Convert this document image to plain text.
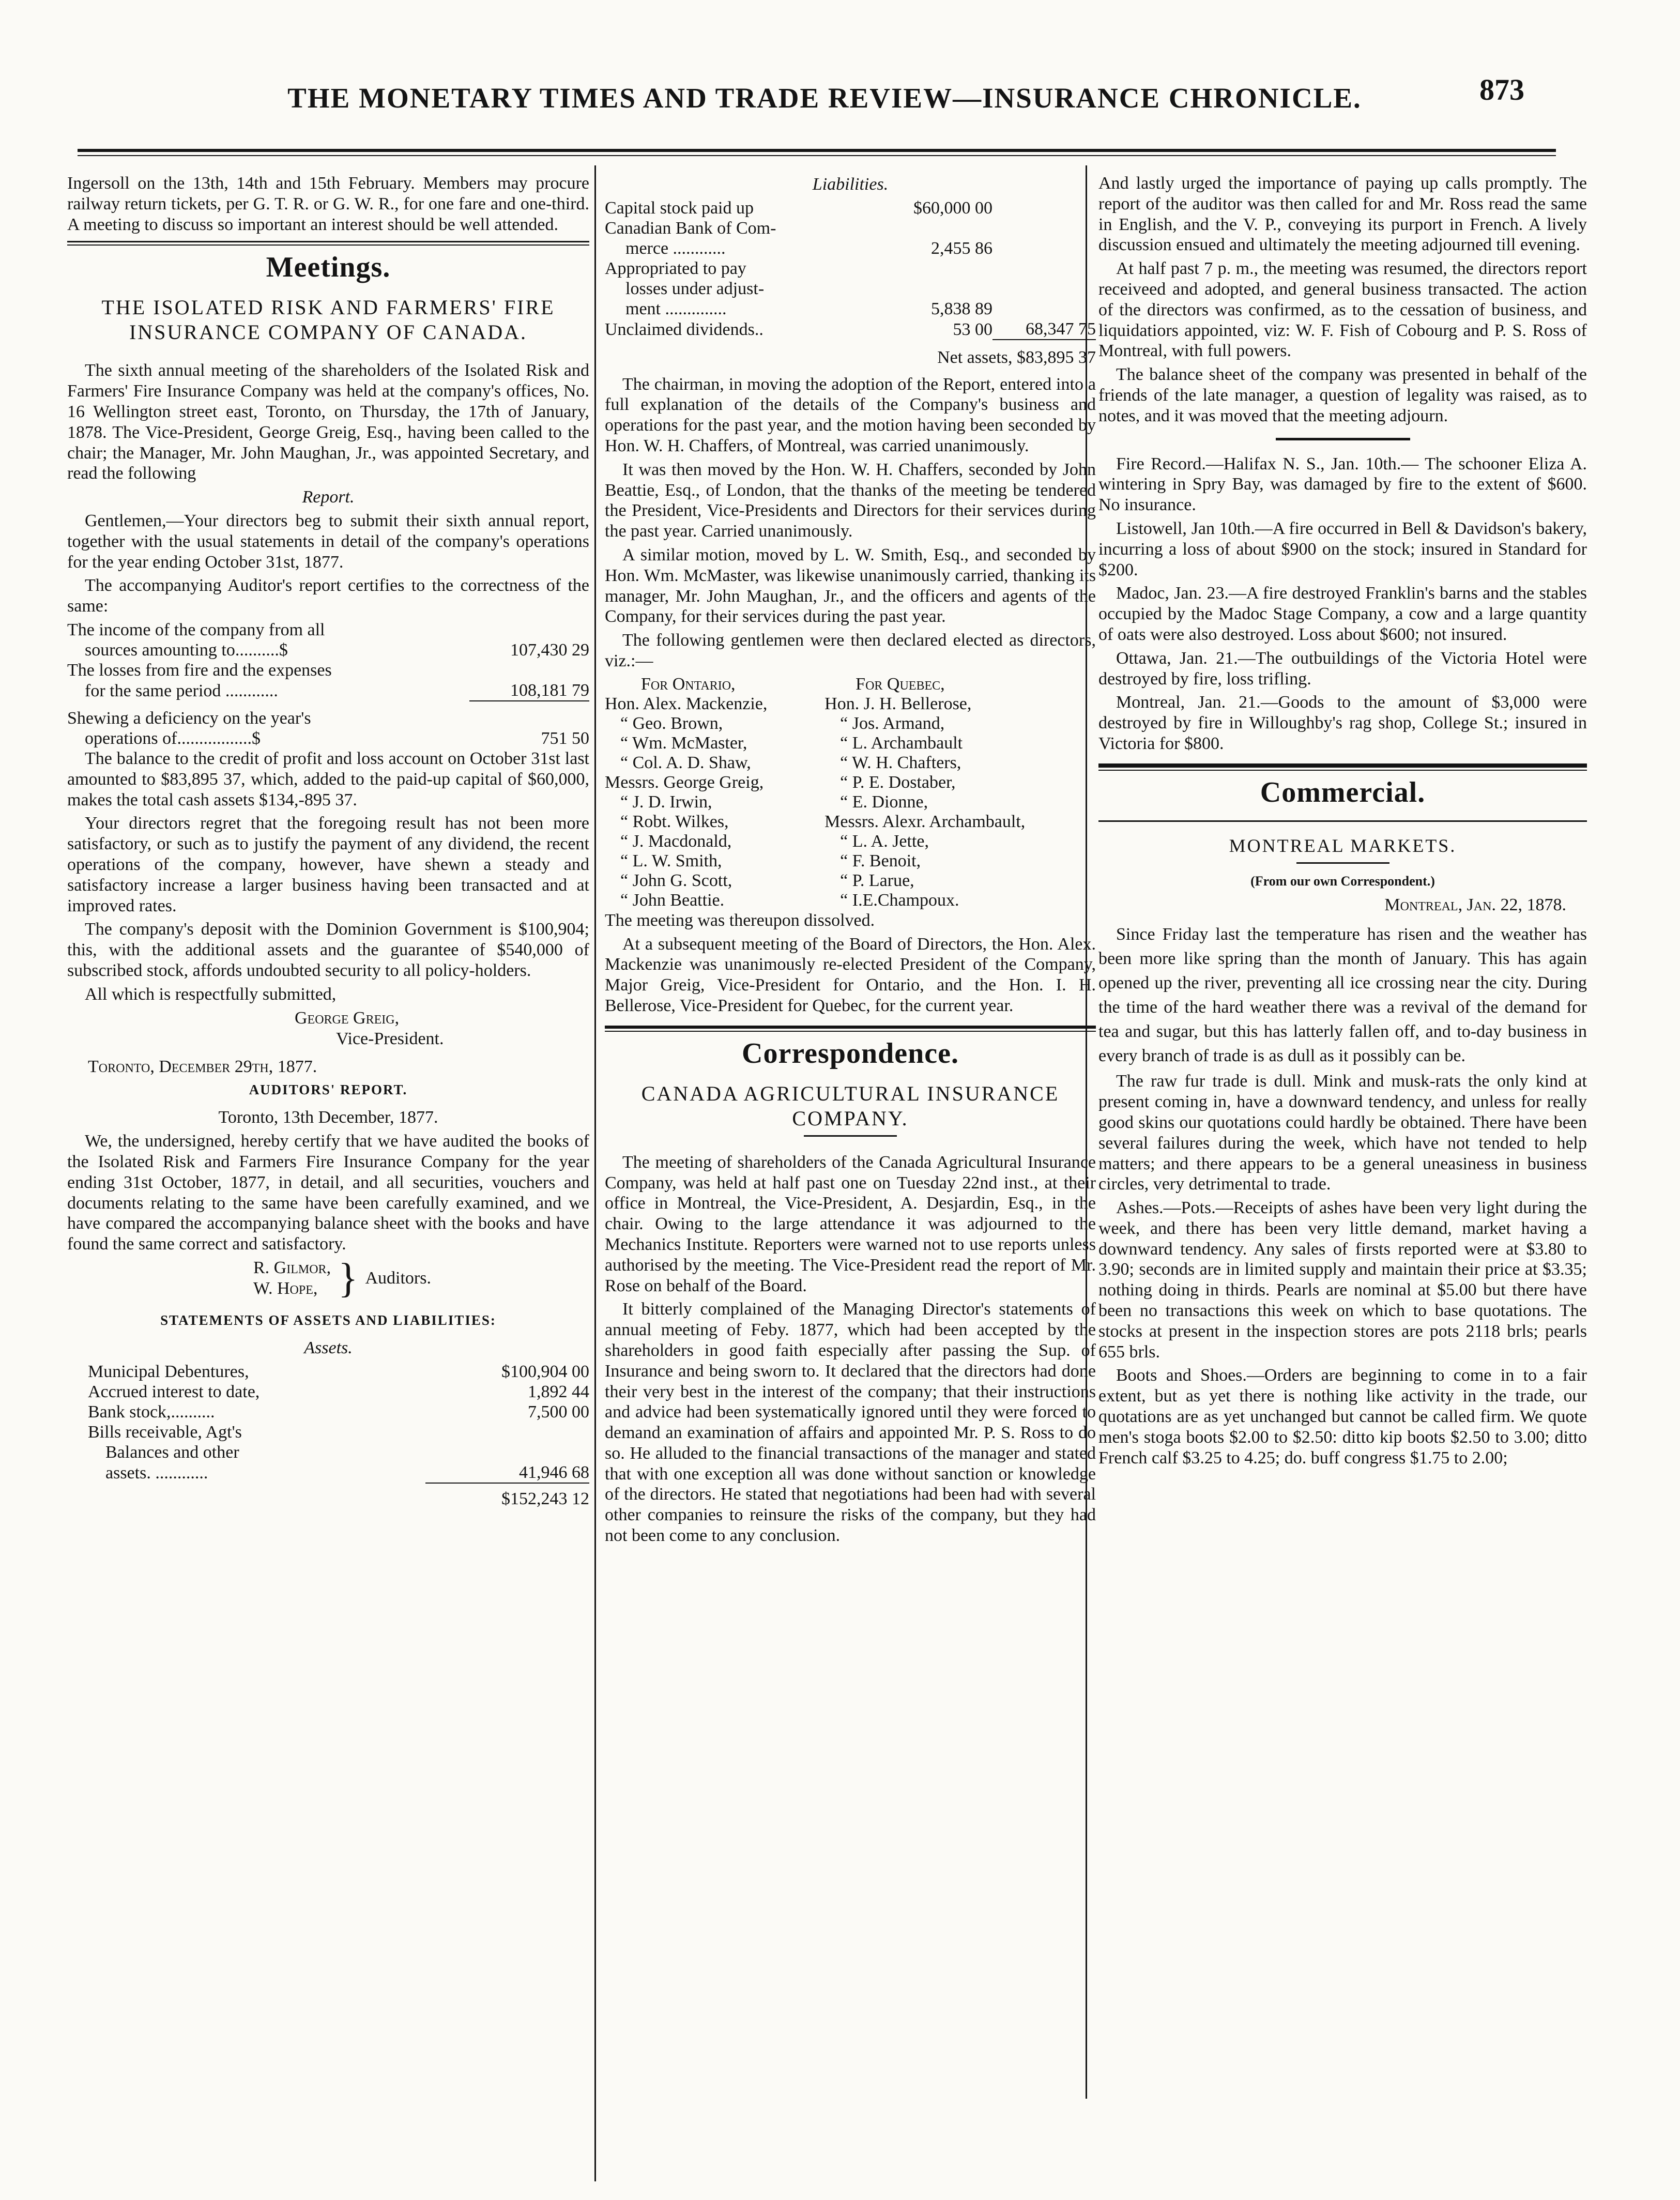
THE MONETARY TIMES AND TRADE REVIEW—INSURANCE CHRONICLE.	873

Ingersoll on the 13th, 14th and 15th February. Members may procure railway return tickets, per G. T. R. or G. W. R., for one fare and one-third. A meeting to discuss so important an interest should be well attended.

Meetings.
THE ISOLATED RISK AND FARMERS' FIRE INSURANCE COMPANY OF CANADA.

The sixth annual meeting of the shareholders of the Isolated Risk and Farmers' Fire Insurance Company was held at the company's offices, No. 16 Wellington street east, Toronto, on Thursday, the 17th of January, 1878. The Vice-President, George Greig, Esq., having been called to the chair; the Manager, Mr. John Maughan, Jr., was appointed Secretary, and read the following

Report.

Gentlemen,—Your directors beg to submit their sixth annual report, together with the usual statements in detail of the company's operations for the year ending October 31st, 1877.

The accompanying Auditor's report certifies to the correctness of the same:

The income of the company from all	
sources amounting to..........$	107,430 29
The losses from fire and the expenses	
for the same period ............	108,181 79
Shewing a deficiency on the year's	
operations of.................$	751 50

The balance to the credit of profit and loss account on October 31st last amounted to $83,895 37, which, added to the paid-up capital of $60,000, makes the total cash assets $134,-895 37.

Your directors regret that the foregoing result has not been more satisfactory, or such as to justify the payment of any dividend, the recent operations of the company, however, have shewn a steady and satisfactory increase a larger business having been transacted and at improved rates.

The company's deposit with the Dominion Government is $100,904; this, with the additional assets and the guarantee of $540,000 of subscribed stock, affords undoubted security to all policy-holders.

All which is respectfully submitted,

George Greig,
Vice-President.

Toronto, December 29th, 1877.

AUDITORS' REPORT.

Toronto, 13th December, 1877.

We, the undersigned, hereby certify that we have audited the books of the Isolated Risk and Farmers Fire Insurance Company for the year ending 31st October, 1877, in detail, and all securities, vouchers and documents relating to the same have been carefully examined, and we have compared the accompanying balance sheet with the books and have found the same correct and satisfactory.

R. Gilmor,
W. Hope, } Auditors.
STATEMENTS OF ASSETS AND LIABILITIES:

Assets.

Municipal Debentures,	$100,904 00
Accrued interest to date,	1,892 44
Bank stock,..........	7,500 00
Bills receivable, Agt's	
Balances and other	
assets. ............	41,946 68
	$152,243 12

Liabilities.

Capital stock paid up	$60,000 00	
Canadian Bank of Com-		
merce ............	2,455 86	
Appropriated to pay		
losses under adjust-		
ment ..............	5,838 89	
Unclaimed dividends..	53 00	68,347 75

Net assets, $83,895 37

The chairman, in moving the adoption of the Report, entered into a full explanation of the details of the Company's business and operations for the past year, and the motion having been seconded by Hon. W. H. Chaffers, of Montreal, was carried unanimously.

It was then moved by the Hon. W. H. Chaffers, seconded by John Beattie, Esq., of London, that the thanks of the meeting be tendered the President, Vice-Presidents and Directors for their services during the past year. Carried unanimously.

A similar motion, moved by L. W. Smith, Esq., and seconded by Hon. Wm. McMaster, was likewise unanimously carried, thanking its manager, Mr. John Maughan, Jr., and the officers and agents of the Company, for their services during the past year.

The following gentlemen were then declared elected as directors, viz.:—

For Ontario,	For Quebec,
Hon. Alex. Mackenzie,	Hon. J. H. Bellerose,
“ Geo. Brown,	“ Jos. Armand,
“ Wm. McMaster,	“ L. Archambault
“ Col. A. D. Shaw,	“ W. H. Chafters,
Messrs. George Greig,	“ P. E. Dostaber,
“ J. D. Irwin,	“ E. Dionne,
“ Robt. Wilkes,	Messrs. Alexr. Archambault,
“ J. Macdonald,	“ L. A. Jette,
“ L. W. Smith,	“ F. Benoit,
“ John G. Scott,	“ P. Larue,
“ John Beattie.	“ I.E.Champoux.

The meeting was thereupon dissolved.

At a subsequent meeting of the Board of Directors, the Hon. Alex. Mackenzie was unanimously re-elected President of the Company, Major Greig, Vice-President for Ontario, and the Hon. I. H. Bellerose, Vice-President for Quebec, for the current year.

Correspondence.
CANADA AGRICULTURAL INSURANCE COMPANY.

The meeting of shareholders of the Canada Agricultural Insurance Company, was held at half past one on Tuesday 22nd inst., at their office in Montreal, the Vice-President, A. Desjardin, Esq., in the chair. Owing to the large attendance it was adjourned to the Mechanics Institute. Reporters were warned not to use reports unless authorised by the meeting. The Vice-President read the report of Mr. Rose on behalf of the Board.

It bitterly complained of the Managing Director's statements of annual meeting of Feby. 1877, which had been accepted by the shareholders in good faith especially after passing the Sup. of Insurance and being sworn to. It declared that the directors had done their very best in the interest of the company; that their instructions and advice had been systematically ignored until they were forced to demand an examination of affairs and appointed Mr. P. S. Ross to do so. He alluded to the financial transactions of the manager and stated that with one exception all was done without sanction or knowledge of the directors. He stated that negotiations had been had with several other companies to reinsure the risks of the company, but they had not been come to any conclusion.

And lastly urged the importance of paying up calls promptly. The report of the auditor was then called for and Mr. Ross read the same in English, and the V. P., conveying its purport in French. A lively discussion ensued and ultimately the meeting adjourned till evening.

At half past 7 p. m., the meeting was resumed, the directors report receiveed and adopted, and general business transacted. The action of the directors was confirmed, as to the cessation of business, and liquidatiors appointed, viz: W. F. Fish of Cobourg and P. S. Ross of Montreal, with full powers.

The balance sheet of the company was presented in behalf of the friends of the late manager, a question of legality was raised, as to notes, and it was moved that the meeting adjourn.

Fire Record.—Halifax N. S., Jan. 10th.— The schooner Eliza A. wintering in Spry Bay, was damaged by fire to the extent of $600. No insurance.

Listowell, Jan 10th.—A fire occurred in Bell & Davidson's bakery, incurring a loss of about $900 on the stock; insured in Standard for $200.

Madoc, Jan. 23.—A fire destroyed Franklin's barns and the stables occupied by the Madoc Stage Company, a cow and a large quantity of oats were also destroyed. Loss about $600; not insured.

Ottawa, Jan. 21.—The outbuildings of the Victoria Hotel were destroyed by fire, loss trifling.

Montreal, Jan. 21.—Goods to the amount of $3,000 were destroyed by fire in Willoughby's rag shop, College St.; insured in Victoria for $800.

Commercial.
MONTREAL MARKETS.

(From our own Correspondent.)

Montreal, Jan. 22, 1878.

Since Friday last the temperature has risen and the weather has been more like spring than the month of January. This has again opened up the river, preventing all ice crossing near the city. During the time of the hard weather there was a revival of the demand for tea and sugar, but this has latterly fallen off, and to-day business in every branch of trade is as dull as it possibly can be.

The raw fur trade is dull. Mink and musk-rats the only kind at present coming in, have a downward tendency, and unless for really good skins our quotations could hardly be obtained. There have been several failures during the week, which have not tended to help matters; and there appears to be a general uneasiness in business circles, very detrimental to trade.

Ashes.—Pots.—Receipts of ashes have been very light during the week, and there has been very little demand, market having a downward tendency. Any sales of firsts reported were at $3.80 to 3.90; seconds are in limited supply and maintain their price at $3.35; nothing doing in thirds. Pearls are nominal at $5.00 but there have been no transactions this week on which to base quotations. The stocks at present in the inspection stores are pots 2118 brls; pearls 655 brls.

Boots and Shoes.—Orders are beginning to come in to a fair extent, but as yet there is nothing like activity in the trade, our quotations are as yet unchanged but cannot be called firm. We quote men's stoga boots $2.00 to $2.50: ditto kip boots $2.50 to 3.00; ditto French calf $3.25 to 4.25; do. buff congress $1.75 to 2.00;
